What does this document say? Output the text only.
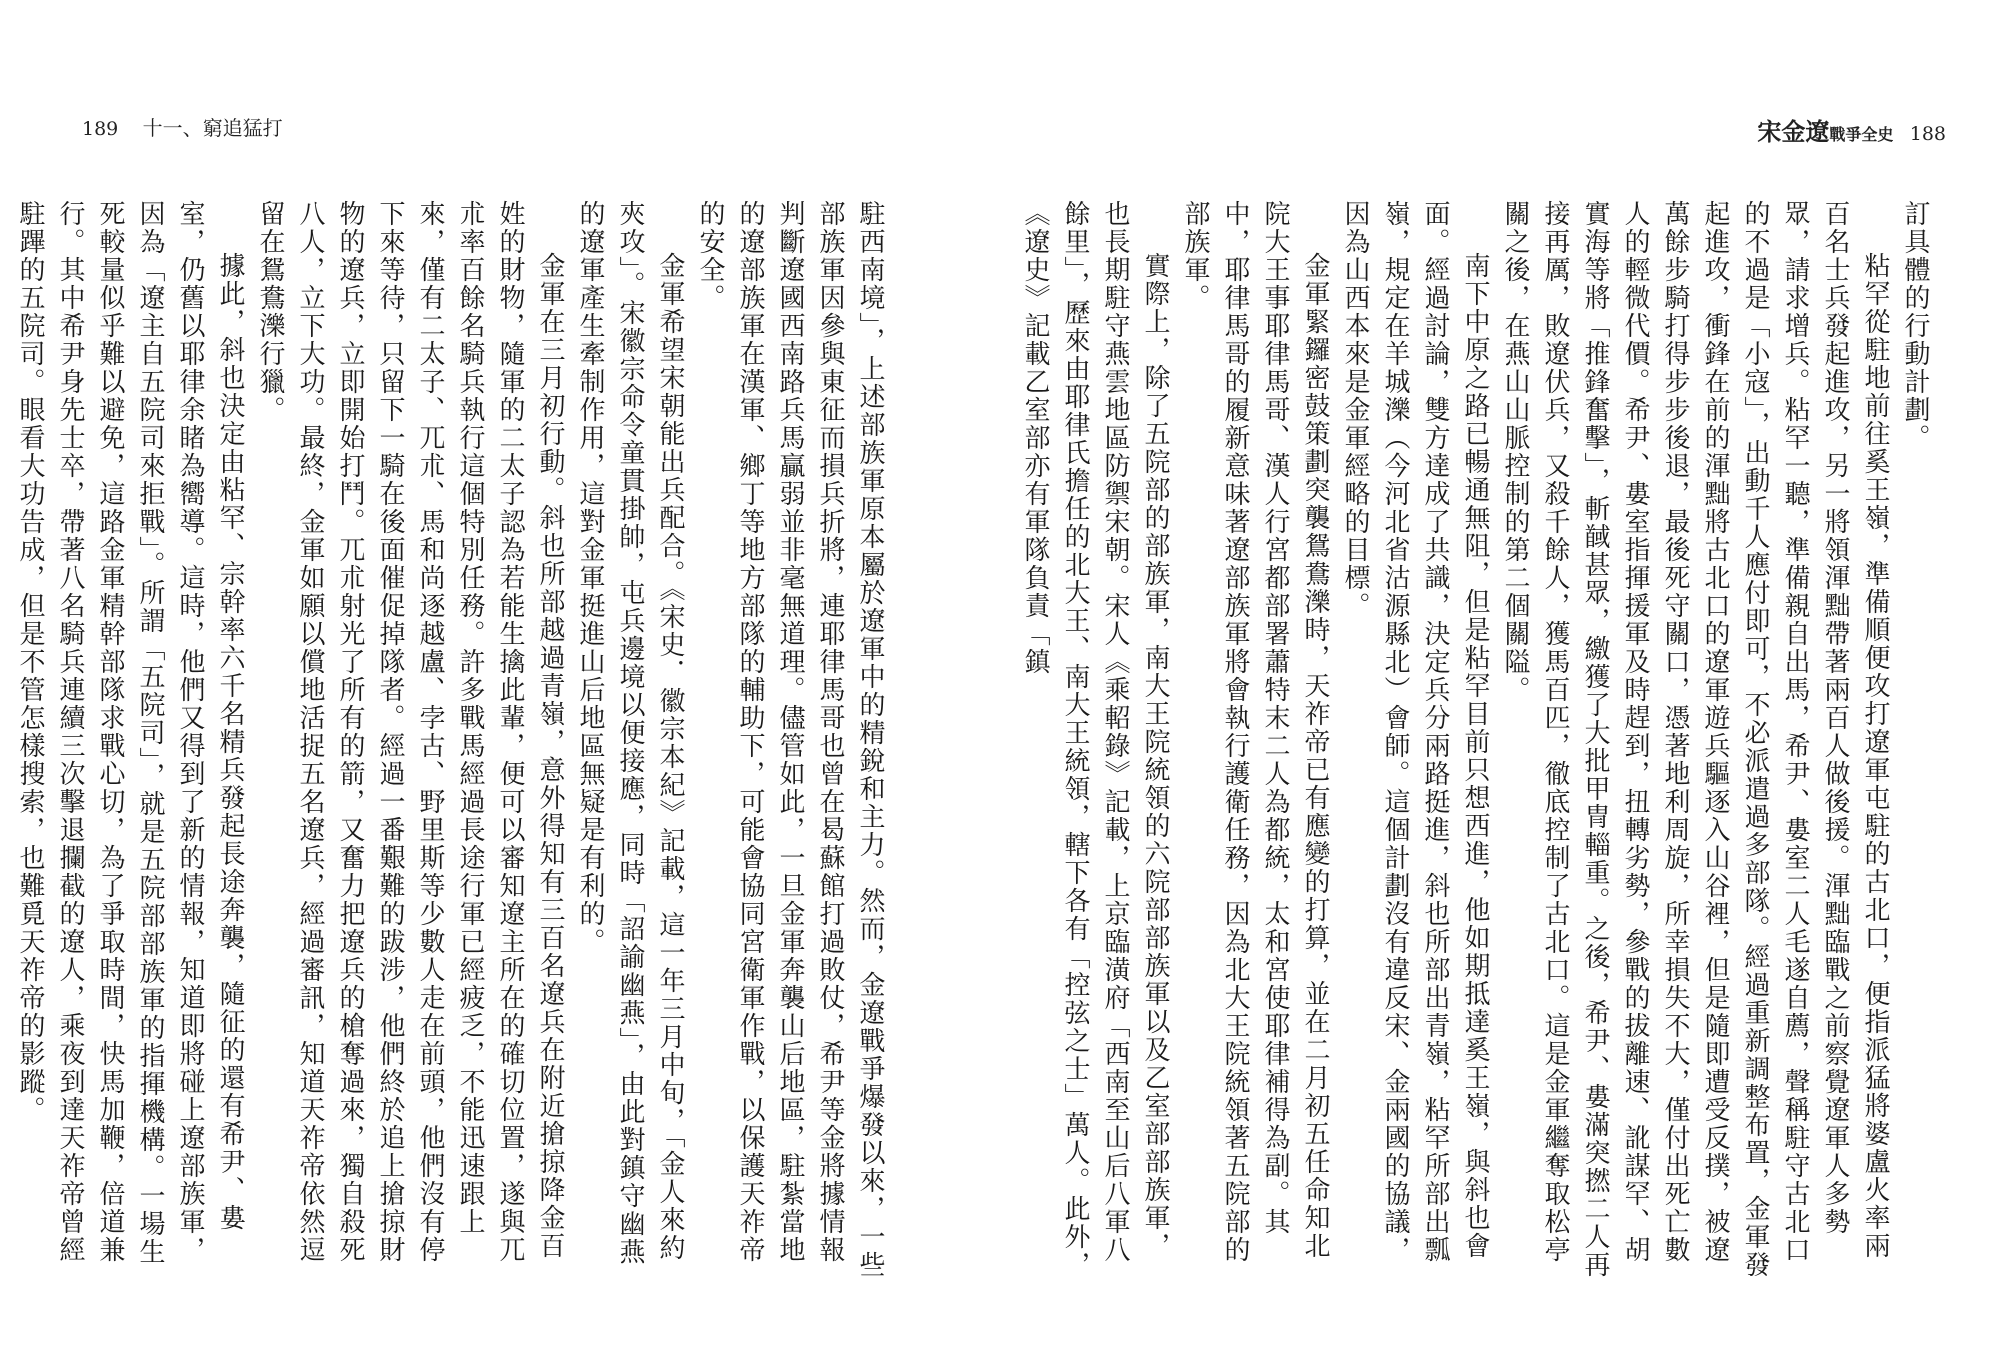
189 十一、窮追猛打	宋金遼戰爭全史 188

訂具體的行動計劃。

粘罕從駐地前往奚王嶺，準備順便攻打遼軍屯駐的古北口，便指派猛將婆盧火率兩百名士兵發起進攻，另一將領渾黜帶著兩百人做後援。渾黜臨戰之前察覺遼軍人多勢眾，請求增兵。粘罕一聽，準備親自出馬，希尹、婁室二人毛遂自薦，聲稱駐守古北口的不過是「小寇」，出動千人應付即可，不必派遣過多部隊。經過重新調整布置，金軍發起進攻，衝鋒在前的渾黜將古北口的遼軍遊兵驅逐入山谷裡，但是隨即遭受反撲，被遼萬餘步騎打得步步後退，最後死守關口，憑著地利周旋，所幸損失不大，僅付出死亡數人的輕微代價。希尹、婁室指揮援軍及時趕到，扭轉劣勢，參戰的拔離速、訛謀罕、胡實海等將「推鋒奮擊」，斬馘甚眾，繳獲了大批甲冑輜重。之後，希尹、婁滿突撚二人再接再厲，敗遼伏兵，又殺千餘人，獲馬百匹，徹底控制了古北口。這是金軍繼奪取松亭關之後，在燕山山脈控制的第二個關隘。

南下中原之路已暢通無阻，但是粘罕目前只想西進，他如期抵達奚王嶺，與斜也會面。經過討論，雙方達成了共識，決定兵分兩路挺進，斜也所部出青嶺，粘罕所部出瓢嶺，規定在羊城濼（今河北省沽源縣北）會師。這個計劃沒有違反宋、金兩國的協議，因為山西本來是金軍經略的目標。

金軍緊鑼密鼓策劃突襲鴛鴦濼時，天祚帝已有應變的打算，並在二月初五任命知北院大王事耶律馬哥、漢人行宮都部署蕭特末二人為都統，太和宮使耶律補得為副。其中，耶律馬哥的履新意味著遼部族軍將會執行護衛任務，因為北大王院統領著五院部的部族軍。

實際上，除了五院部的部族軍，南大王院統領的六院部部族軍以及乙室部部族軍，也長期駐守燕雲地區防禦宋朝。宋人《乘軺錄》記載，上京臨潢府「西南至山后八軍八餘里」，歷來由耶律氏擔任的北大王、南大王統領，轄下各有「控弦之士」萬人。此外，《遼史》記載乙室部亦有軍隊負責「鎮

駐西南境」，上述部族軍原本屬於遼軍中的精銳和主力。然而，金遼戰爭爆發以來，一些部族軍因參與東征而損兵折將，連耶律馬哥也曾在曷蘇館打過敗仗，希尹等金將據情報判斷遼國西南路兵馬贏弱並非毫無道理。儘管如此，一旦金軍奔襲山后地區，駐紮當地的遼部族軍在漢軍、鄉丁等地方部隊的輔助下，可能會協同宮衛軍作戰，以保護天祚帝的安全。

金軍希望宋朝能出兵配合。《宋史．徽宗本紀》記載，這一年三月中旬，「金人來約夾攻」。宋徽宗命令童貫掛帥，屯兵邊境以便接應，同時「詔諭幽燕」，由此對鎮守幽燕的遼軍產生牽制作用，這對金軍挺進山后地區無疑是有利的。

金軍在三月初行動。斜也所部越過青嶺，意外得知有三百名遼兵在附近搶掠降金百姓的財物，隨軍的二太子認為若能生擒此輩，便可以審知遼主所在的確切位置，遂與兀朮率百餘名騎兵執行這個特別任務。許多戰馬經過長途行軍已經疲乏，不能迅速跟上來，僅有二太子、兀朮、馬和尚逐越盧、孛古、野里斯等少數人走在前頭，他們沒有停下來等待，只留下一騎在後面催促掉隊者。經過一番艱難的跋涉，他們終於追上搶掠財物的遼兵，立即開始打鬥。兀朮射光了所有的箭，又奮力把遼兵的槍奪過來，獨自殺死八人，立下大功。最終，金軍如願以償地活捉五名遼兵，經過審訊，知道天祚帝依然逗留在鴛鴦濼行獵。

據此，斜也決定由粘罕、宗幹率六千名精兵發起長途奔襲，隨征的還有希尹、婁室，仍舊以耶律余睹為嚮導。這時，他們又得到了新的情報，知道即將碰上遼部族軍，因為「遼主自五院司來拒戰」。所謂「五院司」，就是五院部部族軍的指揮機構。一場生死較量似乎難以避免，這路金軍精幹部隊求戰心切，為了爭取時間，快馬加鞭，倍道兼行。其中希尹身先士卒，帶著八名騎兵連續三次擊退攔截的遼人，乘夜到達天祚帝曾經駐蹕的五院司。眼看大功告成，但是不管怎樣搜索，也難覓天祚帝的影蹤。
